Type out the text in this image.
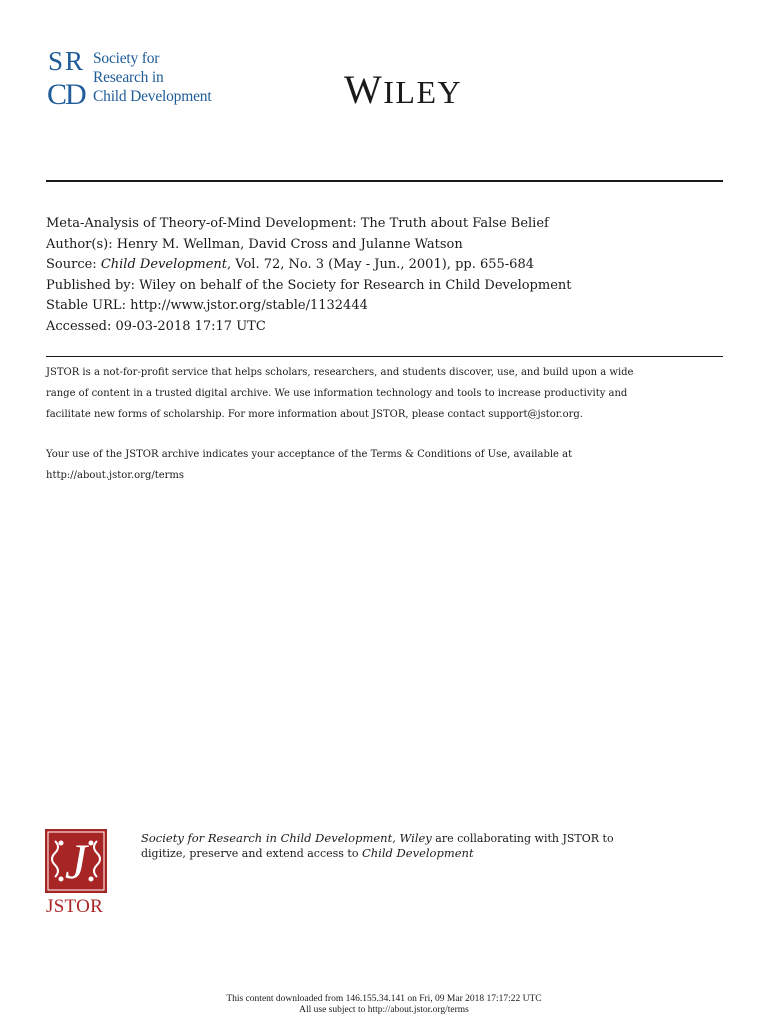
S R
C
D
Society for
Research in
Child Development	WILEY
Meta-Analysis of Theory-of-Mind Development: The Truth about False Belief
Author(s): Henry M. Wellman, David Cross and Julanne Watson
Source: Child Development, Vol. 72, No. 3 (May - Jun., 2001), pp. 655-684
Published by: Wiley on behalf of the Society for Research in Child Development
Stable URL: http://www.jstor.org/stable/1132444
Accessed: 09-03-2018 17:17 UTC
JSTOR is a not-for-profit service that helps scholars, researchers, and students discover, use, and build upon a wide
range of content in a trusted digital archive. We use information technology and tools to increase productivity and
facilitate new forms of scholarship. For more information about JSTOR, please contact support@jstor.org.
Your use of the JSTOR archive indicates your acceptance of the Terms & Conditions of Use, available at
http://about.jstor.org/terms
J
JSTOR
Society for Research in Child Development, Wiley are collaborating with JSTOR to
digitize, preserve and extend access to Child Development
This content downloaded from 146.155.34.141 on Fri, 09 Mar 2018 17:17:22 UTC
All use subject to http://about.jstor.org/terms
